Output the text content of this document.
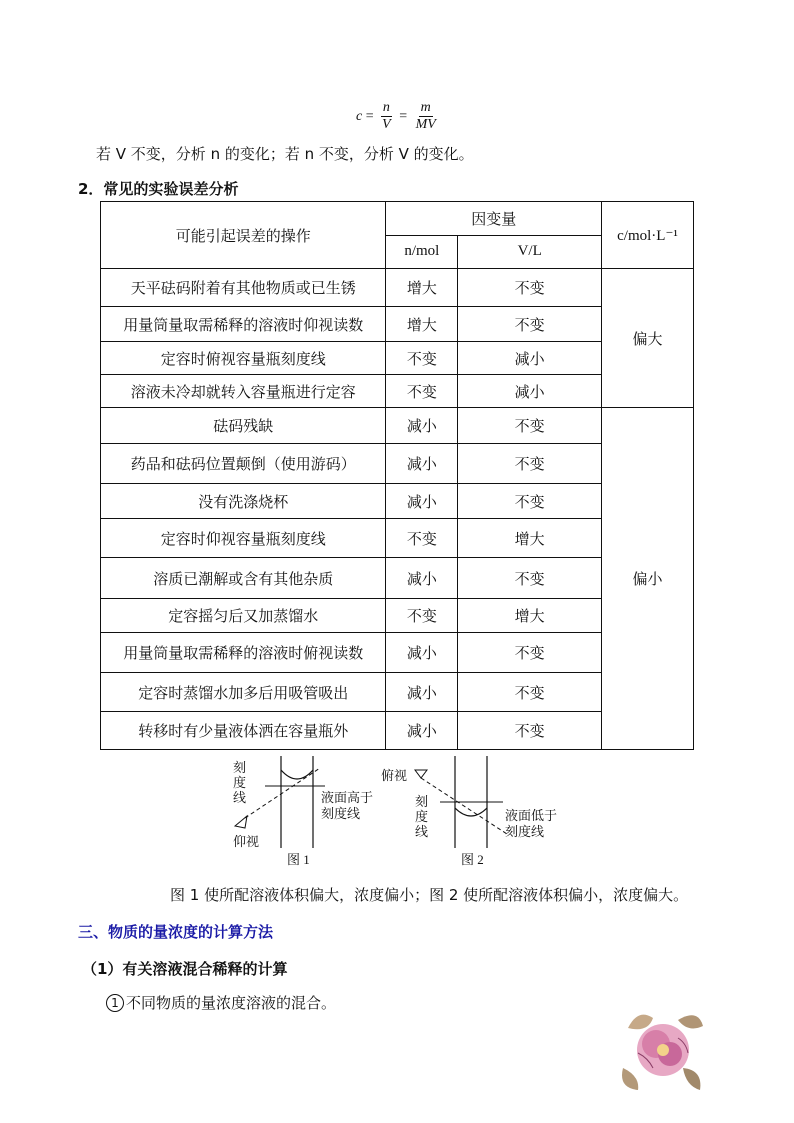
$c = \frac{n}{V} = \frac{m}{MV}$
若 V 不变，分析 n 的变化；若 n 不变，分析 V 的变化。
2．常见的实验误差分析
可能引起误差的操作	因变量		c/mol·L⁻¹
	n/mol	V/L	
天平砝码附着有其他物质或已生锈	增大	不变	偏大
用量筒量取需稀释的溶液时仰视读数	增大	不变	
定容时俯视容量瓶刻度线	不变	减小	
溶液未冷却就转入容量瓶进行定容	不变	减小	
砝码残缺	减小	不变	偏小
药品和砝码位置颠倒（使用游码）	减小	不变	
没有洗涤烧杯	减小	不变	
定容时仰视容量瓶刻度线	不变	增大	
溶质已潮解或含有其他杂质	减小	不变	
定容摇匀后又加蒸馏水	不变	增大	
用量筒量取需稀释的溶液时俯视读数	减小	不变	
定容时蒸馏水加多后用吸管吸出	减小	不变	
转移时有少量液体洒在容量瓶外	减小	不变	
刻
度
线
仰视
液面高于
刻度线
图 1
俯视
刻
度
线
液面低于
刻度线
图 2
图 1 使所配溶液体积偏大，浓度偏小；图 2 使所配溶液体积偏小，浓度偏大。
三、物质的量浓度的计算方法
（1）有关溶液混合稀释的计算
1 不同物质的量浓度溶液的混合。
